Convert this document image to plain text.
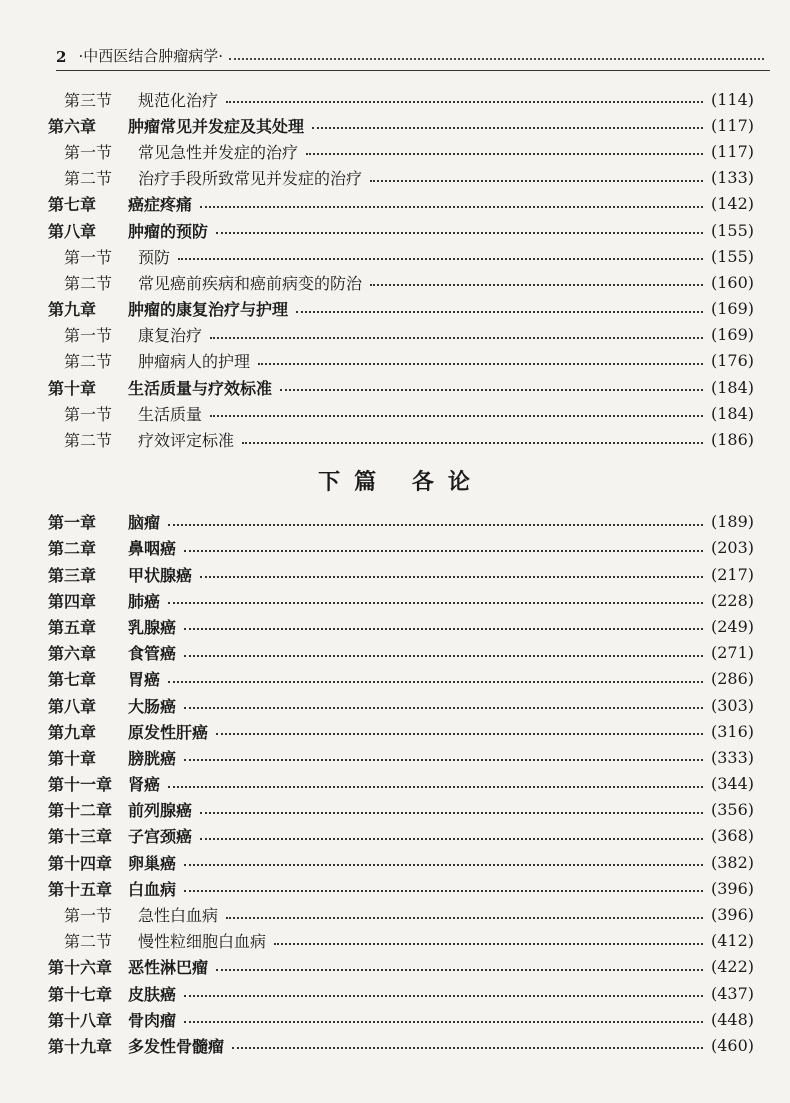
2 ·中西医结合肿瘤病学·
第三节	规范化治疗	(114)
第六章	肿瘤常见并发症及其处理	(117)
第一节	常见急性并发症的治疗	(117)
第二节	治疗手段所致常见并发症的治疗	(133)
第七章	癌症疼痛	(142)
第八章	肿瘤的预防	(155)
第一节	预防	(155)
第二节	常见癌前疾病和癌前病变的防治	(160)
第九章	肿瘤的康复治疗与护理	(169)
第一节	康复治疗	(169)
第二节	肿瘤病人的护理	(176)
第十章	生活质量与疗效标准	(184)
第一节	生活质量	(184)
第二节	疗效评定标准	(186)
下篇 各论
第一章	脑瘤	(189)
第二章	鼻咽癌	(203)
第三章	甲状腺癌	(217)
第四章	肺癌	(228)
第五章	乳腺癌	(249)
第六章	食管癌	(271)
第七章	胃癌	(286)
第八章	大肠癌	(303)
第九章	原发性肝癌	(316)
第十章	膀胱癌	(333)
第十一章 肾癌	(344)
第十二章 前列腺癌	(356)
第十三章 子宫颈癌	(368)
第十四章 卵巢癌	(382)
第十五章 白血病	(396)
第一节	急性白血病	(396)
第二节	慢性粒细胞白血病	(412)
第十六章 恶性淋巴瘤	(422)
第十七章 皮肤癌	(437)
第十八章 骨肉瘤	(448)
第十九章 多发性骨髓瘤	(460)
